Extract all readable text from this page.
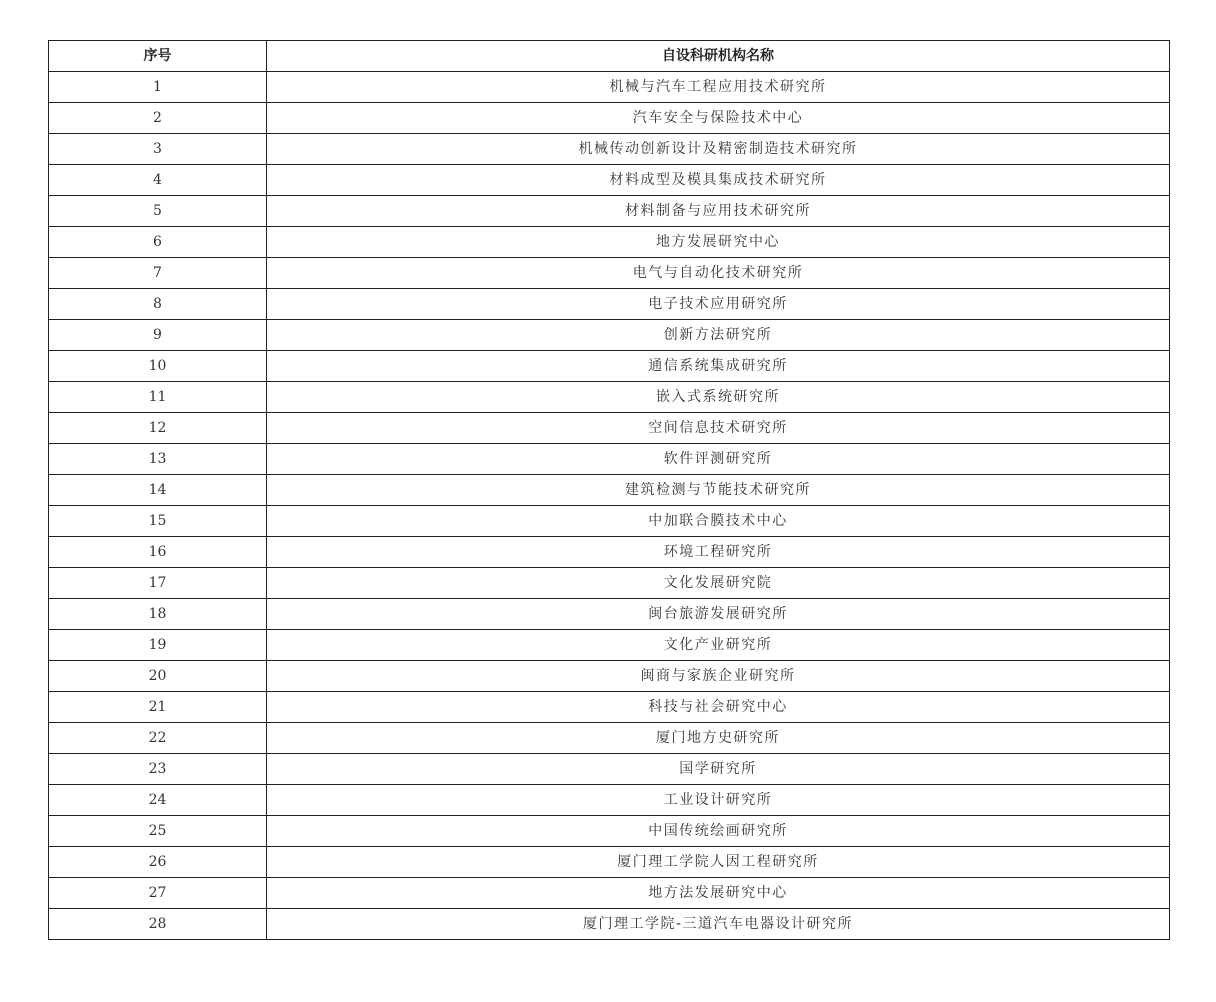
序号	自设科研机构名称
1	机械与汽车工程应用技术研究所
2	汽车安全与保险技术中心
3	机械传动创新设计及精密制造技术研究所
4	材料成型及模具集成技术研究所
5	材料制备与应用技术研究所
6	地方发展研究中心
7	电气与自动化技术研究所
8	电子技术应用研究所
9	创新方法研究所
10	通信系统集成研究所
11	嵌入式系统研究所
12	空间信息技术研究所
13	软件评测研究所
14	建筑检测与节能技术研究所
15	中加联合膜技术中心
16	环境工程研究所
17	文化发展研究院
18	闽台旅游发展研究所
19	文化产业研究所
20	闽商与家族企业研究所
21	科技与社会研究中心
22	厦门地方史研究所
23	国学研究所
24	工业设计研究所
25	中国传统绘画研究所
26	厦门理工学院人因工程研究所
27	地方法发展研究中心
28	厦门理工学院-三道汽车电器设计研究所
